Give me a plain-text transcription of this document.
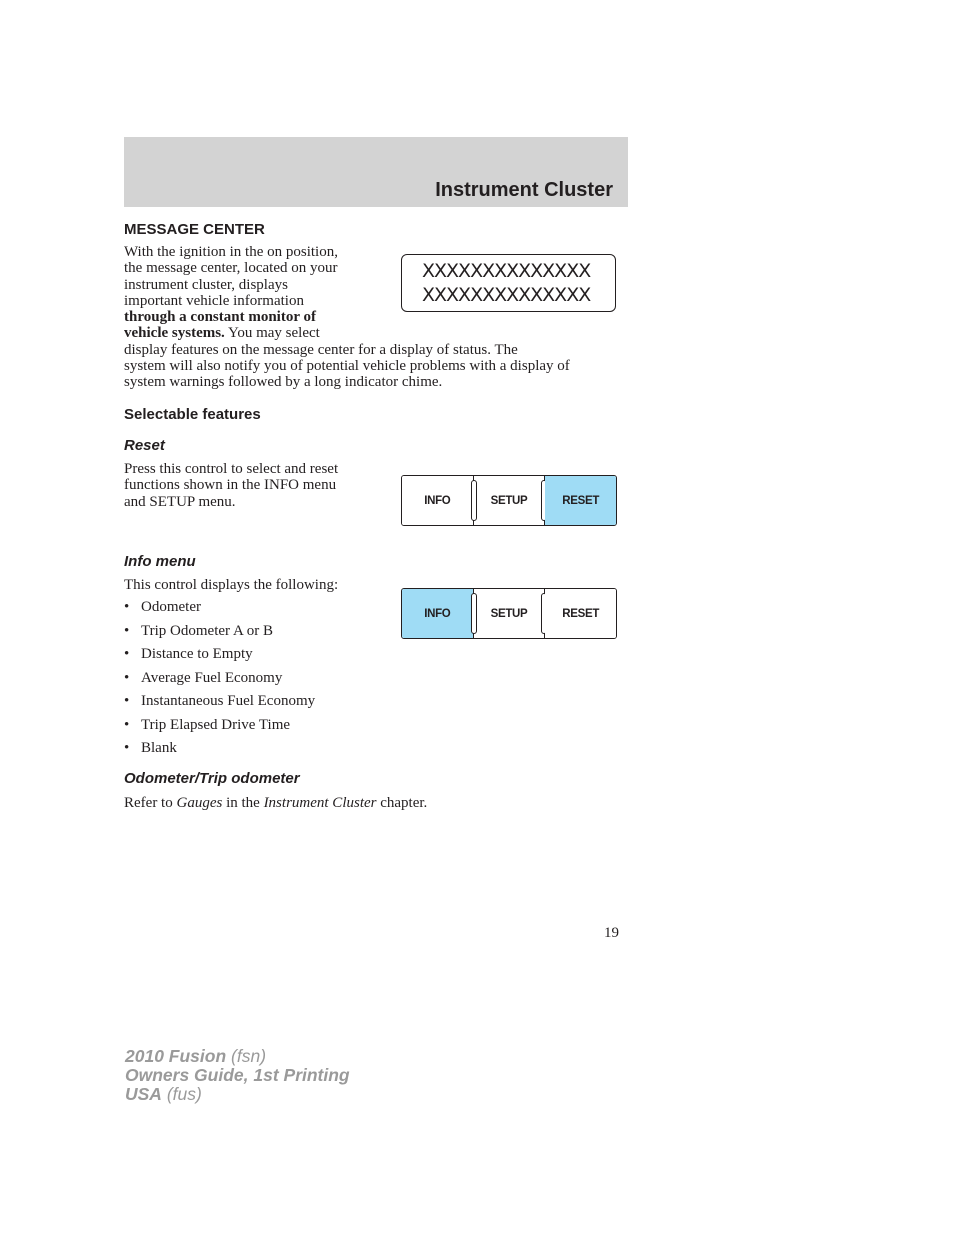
Instrument Cluster
MESSAGE CENTER
With the ignition in the on position,
the message center, located on your
instrument cluster, displays
important vehicle information
through a constant monitor of
vehicle systems. You may select
display features on the message center for a display of status. The
system will also notify you of potential vehicle problems with a display of
system warnings followed by a long indicator chime.
XXXXXXXXXXXXXX
XXXXXXXXXXXXXX
Selectable features
Reset
Press this control to select and reset
functions shown in the INFO menu
and SETUP menu.	INFO	SETUP	RESET
Info menu
This control displays the following:
INFO	SETUP	RESET
• Odometer
• Trip Odometer A or B
• Distance to Empty
• Average Fuel Economy
• Instantaneous Fuel Economy
• Trip Elapsed Drive Time
• Blank
Odometer/Trip odometer
Refer to Gauges in the Instrument Cluster chapter.
19
2010 Fusion (fsn)
Owners Guide, 1st Printing
USA (fus)
